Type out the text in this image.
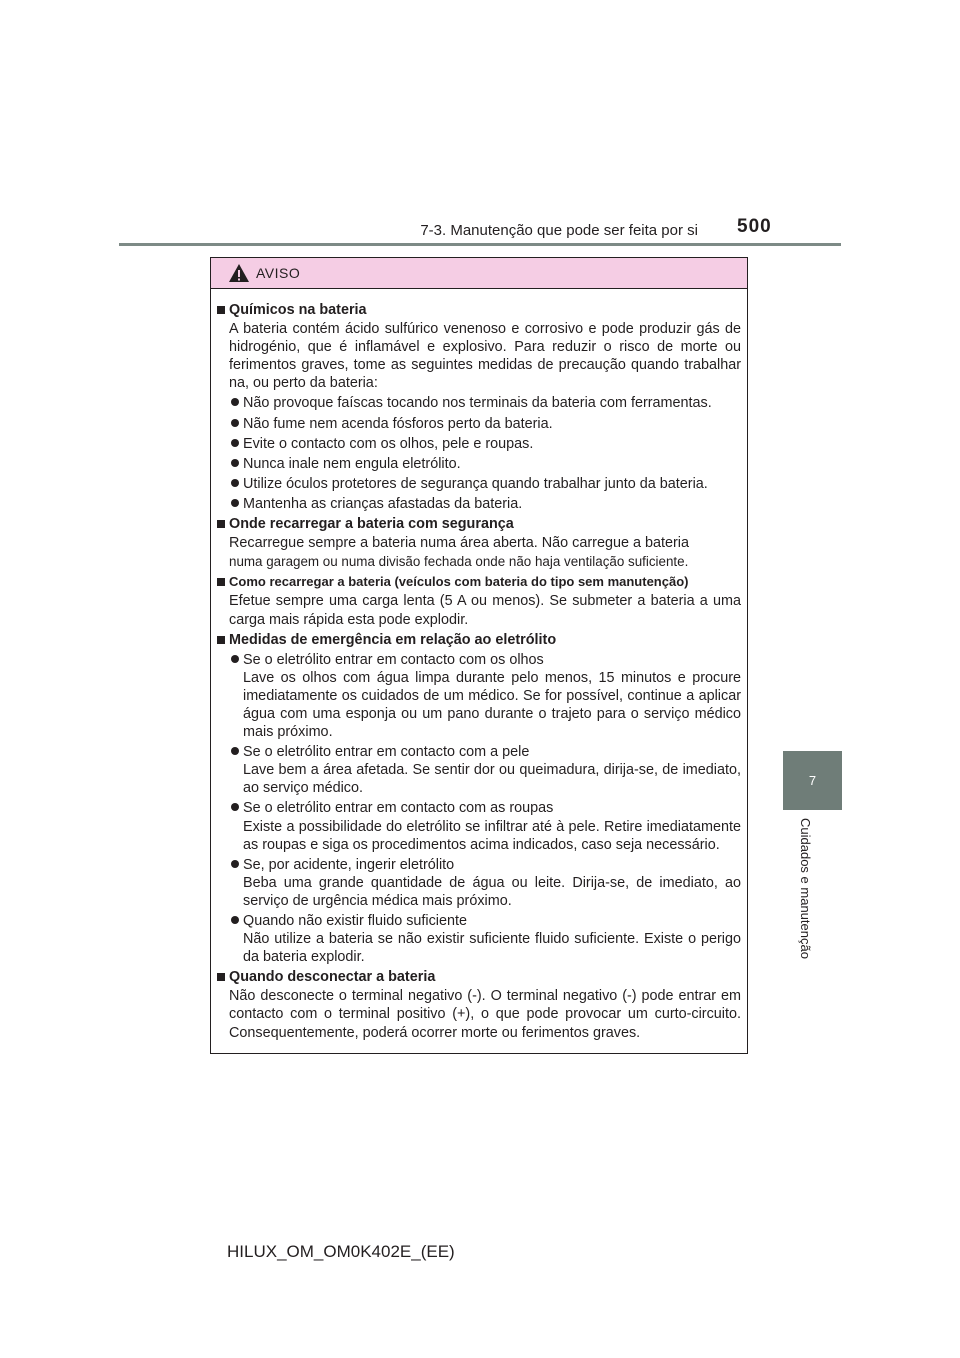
7-3. Manutenção que pode ser feita por si 500
7
Cuidados e manutenção
AVISO
Químicos na bateria
A bateria contém ácido sulfúrico venenoso e corrosivo e pode produzir gás de hidrogénio, que é inflamável e explosivo. Para reduzir o risco de morte ou ferimentos graves, tome as seguintes medidas de precaução quando trabalhar na, ou perto da bateria:
Não provoque faíscas tocando nos terminais da bateria com ferramentas.
Não fume nem acenda fósforos perto da bateria.
Evite o contacto com os olhos, pele e roupas.
Nunca inale nem engula eletrólito.
Utilize óculos protetores de segurança quando trabalhar junto da bateria.
Mantenha as crianças afastadas da bateria.
Onde recarregar a bateria com segurança
Recarregue sempre a bateria numa área aberta. Não carregue a bateria
numa garagem ou numa divisão fechada onde não haja ventilação suficiente.
Como recarregar a bateria (veículos com bateria do tipo sem manutenção)
Efetue sempre uma carga lenta (5 A ou menos). Se submeter a bateria a uma carga mais rápida esta pode explodir.
Medidas de emergência em relação ao eletrólito
Se o eletrólito entrar em contacto com os olhos
Lave os olhos com água limpa durante pelo menos, 15 minutos e procure imediatamente os cuidados de um médico. Se for possível, continue a aplicar água com uma esponja ou um pano durante o trajeto para o serviço médico mais próximo.
Se o eletrólito entrar em contacto com a pele
Lave bem a área afetada. Se sentir dor ou queimadura, dirija-se, de imediato, ao serviço médico.
Se o eletrólito entrar em contacto com as roupas
Existe a possibilidade do eletrólito se infiltrar até à pele. Retire imediatamente as roupas e siga os procedimentos acima indicados, caso seja necessário.
Se, por acidente, ingerir eletrólito
Beba uma grande quantidade de água ou leite. Dirija-se, de imediato, ao serviço de urgência médica mais próximo.
Quando não existir fluido suficiente
Não utilize a bateria se não existir suficiente fluido suficiente. Existe o perigo da bateria explodir.
Quando desconectar a bateria
Não desconecte o terminal negativo (-). O terminal negativo (-) pode entrar em contacto com o terminal positivo (+), o que pode provocar um curto-circuito. Consequentemente, poderá ocorrer morte ou ferimentos graves.
HILUX_OM_OM0K402E_(EE)
